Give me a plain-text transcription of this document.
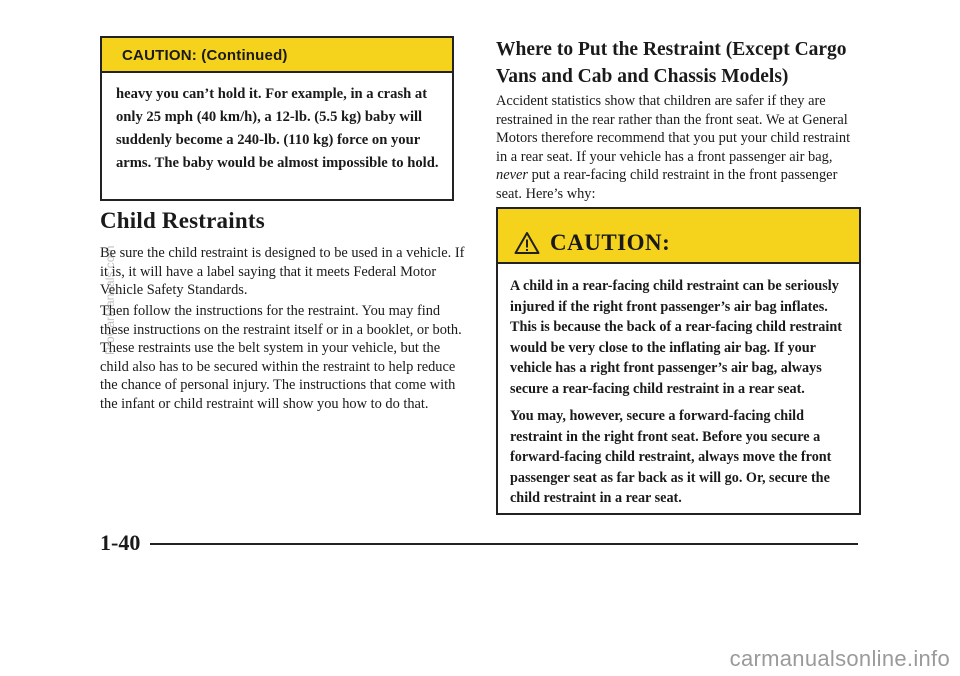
CAUTION: (Continued)
heavy you can’t hold it. For example, in a crash at only 25 mph (40 km/h), a 12-lb. (5.5 kg) baby will suddenly become a 240-lb. (110 kg) force on your arms. The baby would be almost impossible to hold.
Child Restraints

Be sure the child restraint is designed to be used in a vehicle. If it is, it will have a label saying that it meets Federal Motor Vehicle Safety Standards.

Then follow the instructions for the restraint. You may find these instructions on the restraint itself or in a booklet, or both. These restraints use the belt system in your vehicle, but the child also has to be secured within the restraint to help reduce the chance of personal injury. The instructions that come with the infant or child restraint will show you how to do that.

Where to Put the Restraint (Except Cargo Vans and Cab and Chassis Models)

Accident statistics show that children are safer if they are restrained in the rear rather than the front seat. We at General Motors therefore recommend that you put your child restraint in a rear seat. If your vehicle has a front passenger air bag, never put a rear-facing child restraint in the front passenger seat. Here’s why:

CAUTION:

A child in a rear-facing child restraint can be seriously injured if the right front passenger’s air bag inflates. This is because the back of a rear-facing child restraint would be very close to the inflating air bag. If your vehicle has a right front passenger’s air bag, always secure a rear-facing child restraint in a rear seat.

You may, however, secure a forward-facing child restraint in the right front seat. Before you secure a forward-facing child restraint, always move the front passenger seat as far back as it will go. Or, secure the child restraint in a rear seat.

1-40
ProCarManuals.com
carmanualsonline.info
